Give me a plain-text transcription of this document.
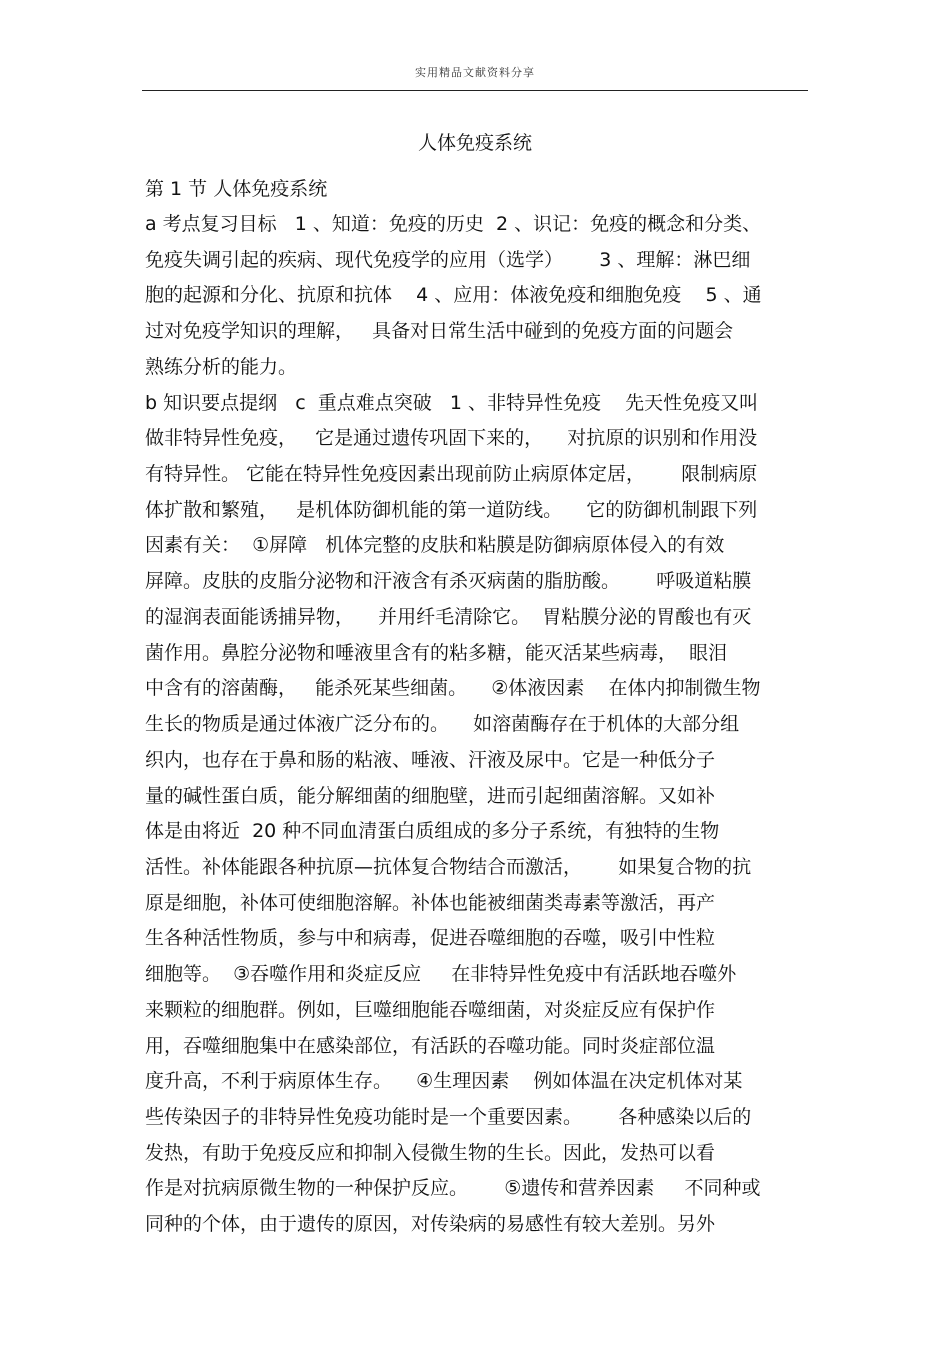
实用精品文献资料分享
人体免疫系统
第 1 节 人体免疫系统
a 考点复习目标   1 、知道：免疫的历史  2 、识记：免疫的概念和分类、
免疫失调引起的疾病、现代免疫学的应用（选学）      3 、理解：淋巴细
胞的起源和分化、抗原和抗体    4 、应用：体液免疫和细胞免疫    5 、通
过对免疫学知识的理解，   具备对日常生活中碰到的免疫方面的问题会
熟练分析的能力。
b 知识要点提纲   c  重点难点突破   1 、非特异性免疫    先天性免疫又叫
做非特异性免疫，   它是通过遗传巩固下来的，    对抗原的识别和作用没
有特异性。 它能在特异性免疫因素出现前防止病原体定居，      限制病原
体扩散和繁殖，   是机体防御机能的第一道防线。    它的防御机制跟下列
因素有关：  ①屏障   机体完整的皮肤和粘膜是防御病原体侵入的有效
屏障。皮肤的皮脂分泌物和汗液含有杀灭病菌的脂肪酸。      呼吸道粘膜
的湿润表面能诱捕异物，    并用纤毛清除它。  胃粘膜分泌的胃酸也有灭
菌作用。鼻腔分泌物和唾液里含有的粘多糖，能灭活某些病毒，  眼泪
中含有的溶菌酶，   能杀死某些细菌。    ②体液因素    在体内抑制微生物
生长的物质是通过体液广泛分布的。    如溶菌酶存在于机体的大部分组
织内，也存在于鼻和肠的粘液、唾液、汗液及尿中。它是一种低分子
量的碱性蛋白质，能分解细菌的细胞壁，进而引起细菌溶解。又如补
体是由将近  20 种不同血清蛋白质组成的多分子系统，有独特的生物
活性。补体能跟各种抗原—抗体复合物结合而激活，      如果复合物的抗
原是细胞，补体可使细胞溶解。补体也能被细菌类毒素等激活，再产
生各种活性物质，参与中和病毒，促进吞噬细胞的吞噬，吸引中性粒
细胞等。  ③吞噬作用和炎症反应     在非特异性免疫中有活跃地吞噬外
来颗粒的细胞群。例如，巨噬细胞能吞噬细菌，对炎症反应有保护作
用，吞噬细胞集中在感染部位，有活跃的吞噬功能。同时炎症部位温
度升高，不利于病原体生存。    ④生理因素    例如体温在决定机体对某
些传染因子的非特异性免疫功能时是一个重要因素。      各种感染以后的
发热，有助于免疫反应和抑制入侵微生物的生长。因此，发热可以看
作是对抗病原微生物的一种保护反应。      ⑤遗传和营养因素     不同种或
同种的个体，由于遗传的原因，对传染病的易感性有较大差别。另外
